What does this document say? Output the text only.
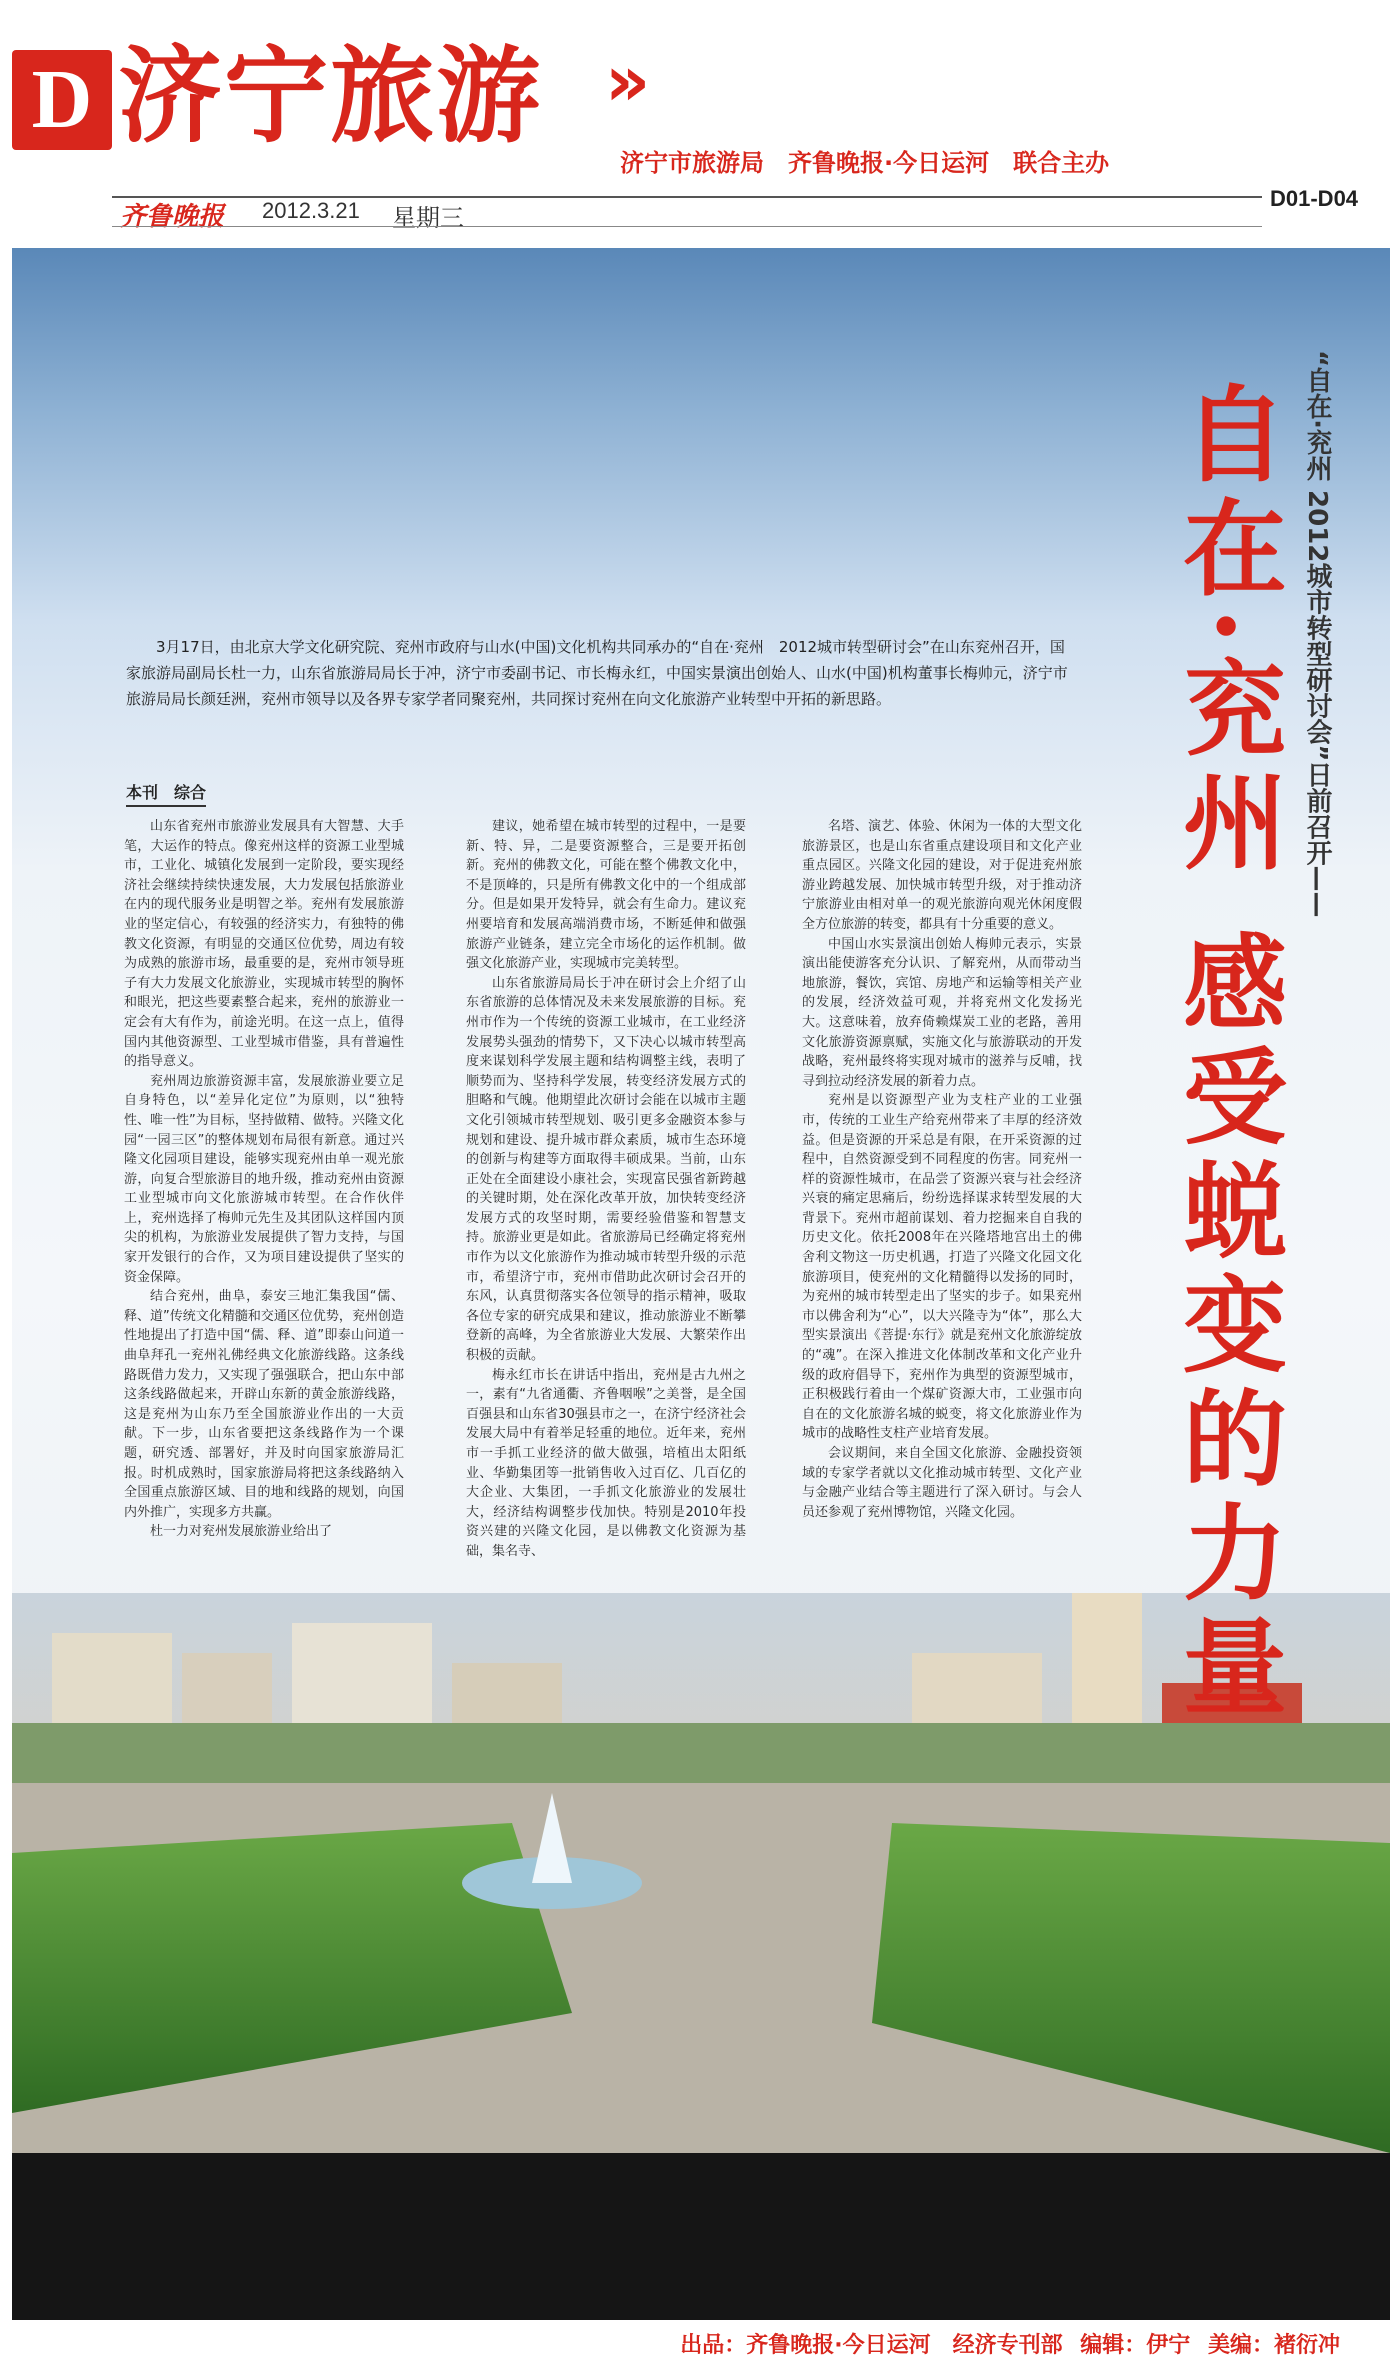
D 济宁旅游 »
济宁市旅游局　齐鲁晚报·今日运河　联合主办
齐鲁晚报 2012.3.21 星期三
D01-D04

3月17日，由北京大学文化研究院、兖州市政府与山水(中国)文化机构共同承办的“自在·兖州　2012城市转型研讨会”在山东兖州召开，国家旅游局副局长杜一力，山东省旅游局局长于冲，济宁市委副书记、市长梅永红，中国实景演出创始人、山水(中国)机构董事长梅帅元，济宁市旅游局局长颜廷洲，兖州市领导以及各界专家学者同聚兖州，共同探讨兖州在向文化旅游产业转型中开拓的新思路。

本刊　综合

山东省兖州市旅游业发展具有大智慧、大手笔，大运作的特点。像兖州这样的资源工业型城市，工业化、城镇化发展到一定阶段，要实现经济社会继续持续快速发展，大力发展包括旅游业在内的现代服务业是明智之举。兖州有发展旅游业的坚定信心，有较强的经济实力，有独特的佛教文化资源，有明显的交通区位优势，周边有较为成熟的旅游市场，最重要的是，兖州市领导班子有大力发展文化旅游业，实现城市转型的胸怀和眼光，把这些要素整合起来，兖州的旅游业一定会有大有作为，前途光明。在这一点上，值得国内其他资源型、工业型城市借鉴，具有普遍性的指导意义。

兖州周边旅游资源丰富，发展旅游业要立足自身特色，以“差异化定位”为原则，以“独特性、唯一性”为目标，坚持做精、做特。兴隆文化园“一园三区”的整体规划布局很有新意。通过兴隆文化园项目建设，能够实现兖州由单一观光旅游，向复合型旅游目的地升级，推动兖州由资源工业型城市向文化旅游城市转型。在合作伙伴上，兖州选择了梅帅元先生及其团队这样国内顶尖的机构，为旅游业发展提供了智力支持，与国家开发银行的合作，又为项目建设提供了坚实的资金保障。

结合兖州，曲阜，泰安三地汇集我国“儒、释、道”传统文化精髓和交通区位优势，兖州创造性地提出了打造中国“儒、释、道”即泰山问道一曲阜拜孔一兖州礼佛经典文化旅游线路。这条线路既借力发力，又实现了强强联合，把山东中部这条线路做起来，开辟山东新的黄金旅游线路，这是兖州为山东乃至全国旅游业作出的一大贡献。下一步，山东省要把这条线路作为一个课题，研究透、部署好，并及时向国家旅游局汇报。时机成熟时，国家旅游局将把这条线路纳入全国重点旅游区域、目的地和线路的规划，向国内外推广，实现多方共赢。

杜一力对兖州发展旅游业给出了

建议，她希望在城市转型的过程中，一是要新、特、异，二是要资源整合，三是要开拓创新。兖州的佛教文化，可能在整个佛教文化中，不是顶峰的，只是所有佛教文化中的一个组成部分。但是如果开发特异，就会有生命力。建议兖州要培育和发展高端消费市场，不断延伸和做强旅游产业链条，建立完全市场化的运作机制。做强文化旅游产业，实现城市完美转型。

山东省旅游局局长于冲在研讨会上介绍了山东省旅游的总体情况及未来发展旅游的目标。兖州市作为一个传统的资源工业城市，在工业经济发展势头强劲的情势下，又下决心以城市转型高度来谋划科学发展主题和结构调整主线，表明了顺势而为、坚持科学发展，转变经济发展方式的胆略和气魄。他期望此次研讨会能在以城市主题文化引领城市转型规划、吸引更多金融资本参与规划和建设、提升城市群众素质，城市生态环境的创新与构建等方面取得丰硕成果。当前，山东正处在全面建设小康社会，实现富民强省新跨越的关键时期，处在深化改革开放，加快转变经济发展方式的攻坚时期，需要经验借鉴和智慧支持。旅游业更是如此。省旅游局已经确定将兖州市作为以文化旅游作为推动城市转型升级的示范市，希望济宁市，兖州市借助此次研讨会召开的东风，认真贯彻落实各位领导的指示精神，吸取各位专家的研究成果和建议，推动旅游业不断攀登新的高峰，为全省旅游业大发展、大繁荣作出积极的贡献。

梅永红市长在讲话中指出，兖州是古九州之一，素有“九省通衢、齐鲁咽喉”之美誉，是全国百强县和山东省30强县市之一，在济宁经济社会发展大局中有着举足轻重的地位。近年来，兖州市一手抓工业经济的做大做强，培植出太阳纸业、华勤集团等一批销售收入过百亿、几百亿的大企业、大集团，一手抓文化旅游业的发展壮大，经济结构调整步伐加快。特别是2010年投资兴建的兴隆文化园，是以佛教文化资源为基础，集名寺、

名塔、演艺、体验、休闲为一体的大型文化旅游景区，也是山东省重点建设项目和文化产业重点园区。兴隆文化园的建设，对于促进兖州旅游业跨越发展、加快城市转型升级，对于推动济宁旅游业由相对单一的观光旅游向观光休闲度假全方位旅游的转变，都具有十分重要的意义。

中国山水实景演出创始人梅帅元表示，实景演出能使游客充分认识、了解兖州，从而带动当地旅游，餐饮，宾馆、房地产和运输等相关产业的发展，经济效益可观，并将兖州文化发扬光大。这意味着，放弃倚赖煤炭工业的老路，善用文化旅游资源禀赋，实施文化与旅游联动的开发战略，兖州最终将实现对城市的滋养与反哺，找寻到拉动经济发展的新着力点。

兖州是以资源型产业为支柱产业的工业强市，传统的工业生产给兖州带来了丰厚的经济效益。但是资源的开采总是有限，在开采资源的过程中，自然资源受到不同程度的伤害。同兖州一样的资源性城市，在品尝了资源兴衰与社会经济兴衰的痛定思痛后，纷纷选择谋求转型发展的大背景下。兖州市超前谋划、着力挖掘来自自我的历史文化。依托2008年在兴隆塔地宫出土的佛舍利文物这一历史机遇，打造了兴隆文化园文化旅游项目，使兖州的文化精髓得以发扬的同时，为兖州的城市转型走出了坚实的步子。如果兖州市以佛舍利为“心”，以大兴隆寺为“体”，那么大型实景演出《菩提·东行》就是兖州文化旅游绽放的“魂”。在深入推进文化体制改革和文化产业升级的政府倡导下，兖州作为典型的资源型城市，正积极践行着由一个煤矿资源大市，工业强市向自在的文化旅游名城的蜕变，将文化旅游业作为城市的战略性支柱产业培育发展。

会议期间，来自全国文化旅游、金融投资领域的专家学者就以文化推动城市转型、文化产业与金融产业结合等主题进行了深入研讨。与会人员还参观了兖州博物馆，兴隆文化园。

“自在·兖州 2012城市转型研讨会”日前召开——
自在·兖州 感受蜕变的力量
出品：齐鲁晚报·今日运河　经济专刊部 编辑：伊宁 美编：褚衍冲
